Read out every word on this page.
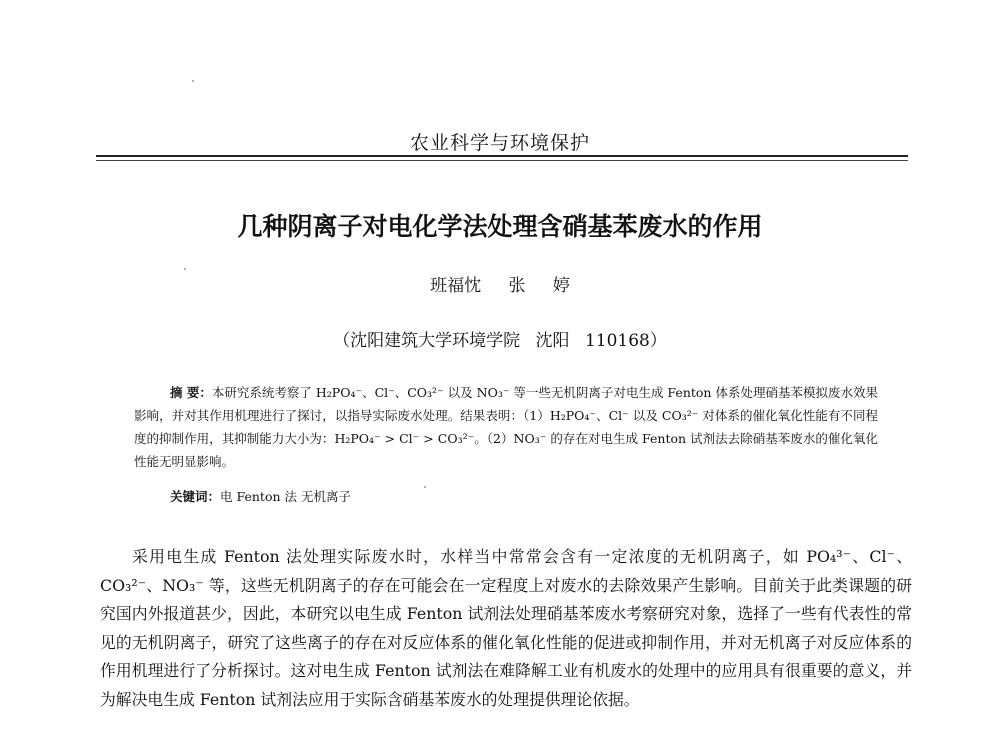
农业科学与环境保护
几种阴离子对电化学法处理含硝基苯废水的作用
班福忱 张 婷
（沈阳建筑大学环境学院 沈阳 110168）
摘 要：本研究系统考察了 H₂PO₄⁻、Cl⁻、CO₃²⁻ 以及 NO₃⁻ 等一些无机阴离子对电生成 Fenton 体系处理硝基苯模拟废水效果影响，并对其作用机理进行了探讨，以指导实际废水处理。结果表明：（1）H₂PO₄⁻、Cl⁻ 以及 CO₃²⁻ 对体系的催化氧化性能有不同程度的抑制作用，其抑制能力大小为：H₂PO₄⁻ > Cl⁻ > CO₃²⁻。（2）NO₃⁻ 的存在对电生成 Fenton 试剂法去除硝基苯废水的催化氧化性能无明显影响。
关键词：电 Fenton 法 无机离子
采用电生成 Fenton 法处理实际废水时，水样当中常常会含有一定浓度的无机阴离子，如 PO₄³⁻、Cl⁻、CO₃²⁻、NO₃⁻ 等，这些无机阴离子的存在可能会在一定程度上对废水的去除效果产生影响。目前关于此类课题的研究国内外报道甚少，因此，本研究以电生成 Fenton 试剂法处理硝基苯废水考察研究对象，选择了一些有代表性的常见的无机阴离子，研究了这些离子的存在对反应体系的催化氧化性能的促进或抑制作用，并对无机离子对反应体系的作用机理进行了分析探讨。这对电生成 Fenton 试剂法在难降解工业有机废水的处理中的应用具有很重要的意义，并为解决电生成 Fenton 试剂法应用于实际含硝基苯废水的处理提供理论依据。
